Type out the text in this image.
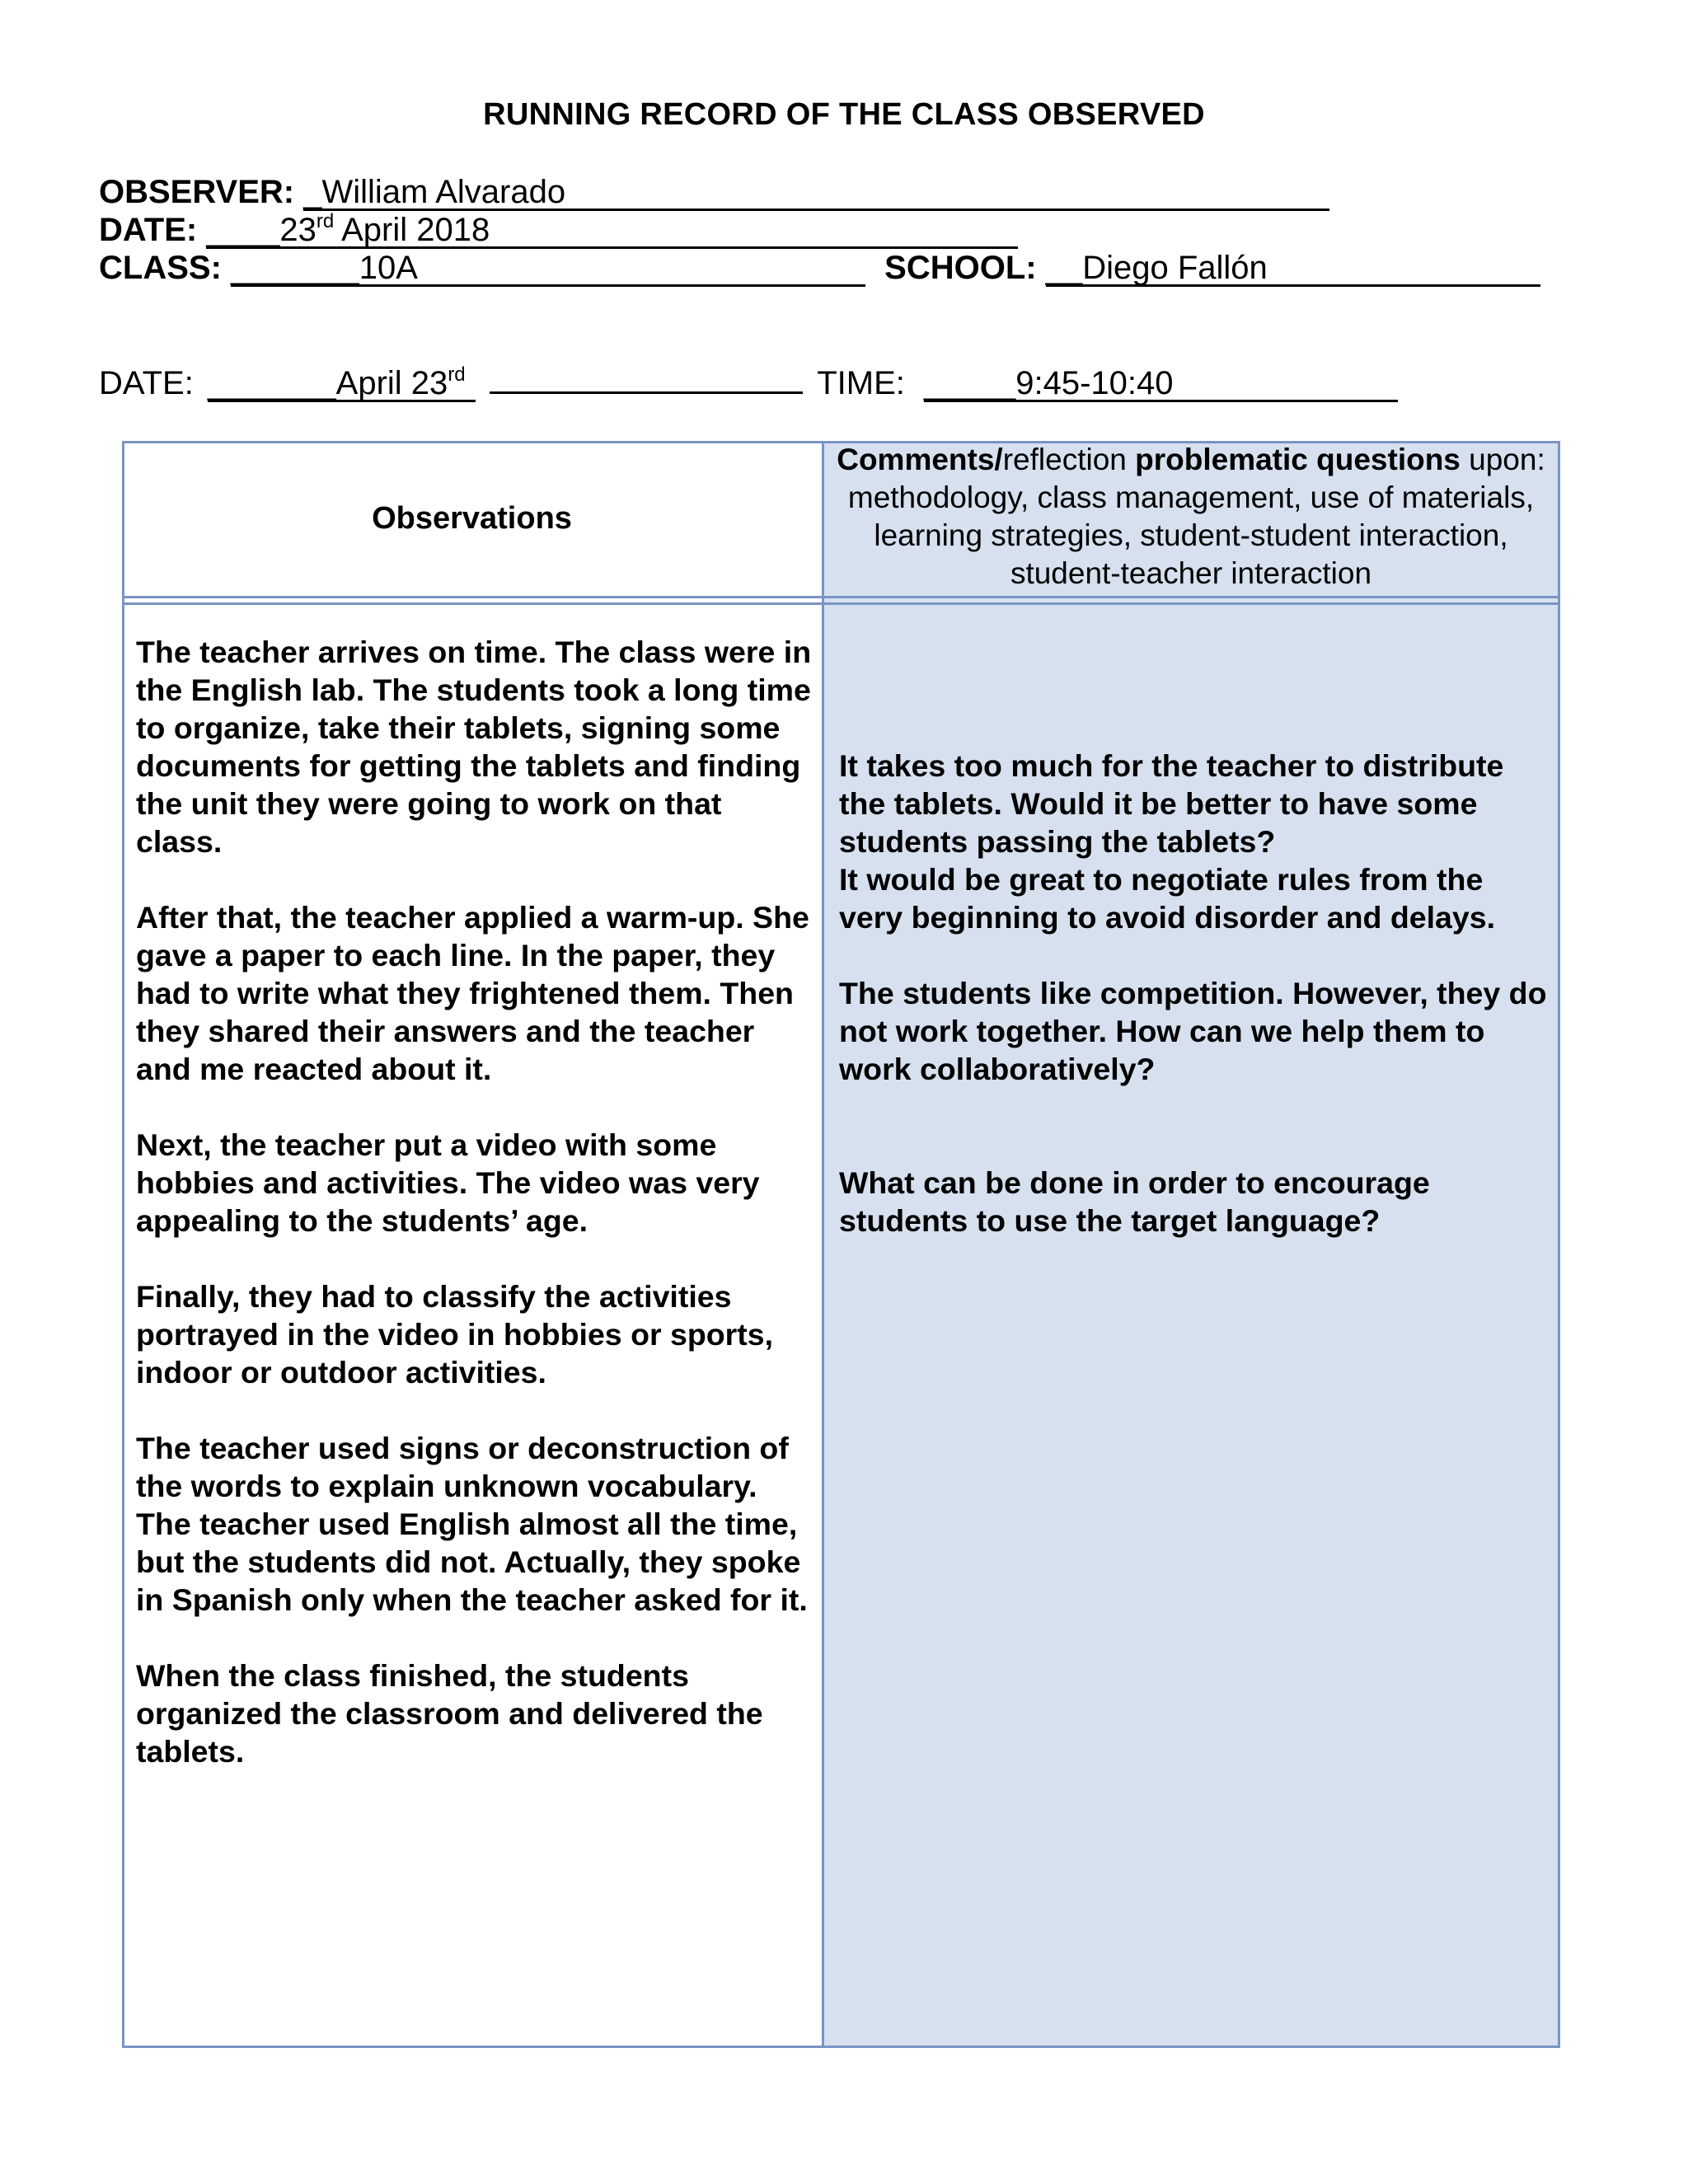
RUNNING RECORD OF THE CLASS OBSERVED
OBSERVER: _William Alvarado
DATE: ____23rd April 2018
CLASS: _______10A	SCHOOL: __Diego Fallón
DATE: _______April 23rd	TIME: _____9:45-10:40
Observations
Comments/reflection problematic questions upon: methodology, class management, use of materials, learning strategies, student-student interaction, student-teacher interaction

The teacher arrives on time. The class were in the English lab. The students took a long time to organize, take their tablets, signing some documents for getting the tablets and finding the unit they were going to work on that class.

After that, the teacher applied a warm-up. She gave a paper to each line. In the paper, they had to write what they frightened them. Then they shared their answers and the teacher and me reacted about it.

Next, the teacher put a video with some hobbies and activities. The video was very appealing to the students’ age.

Finally, they had to classify the activities portrayed in the video in hobbies or sports, indoor or outdoor activities.

The teacher used signs or deconstruction of the words to explain unknown vocabulary. The teacher used English almost all the time, but the students did not. Actually, they spoke in Spanish only when the teacher asked for it.

When the class finished, the students organized the classroom and delivered the tablets.

It takes too much for the teacher to distribute the tablets. Would it be better to have some students passing the tablets?

It would be great to negotiate rules from the very beginning to avoid disorder and delays.

The students like competition. However, they do not work together. How can we help them to work collaboratively?

What can be done in order to encourage students to use the target language?
